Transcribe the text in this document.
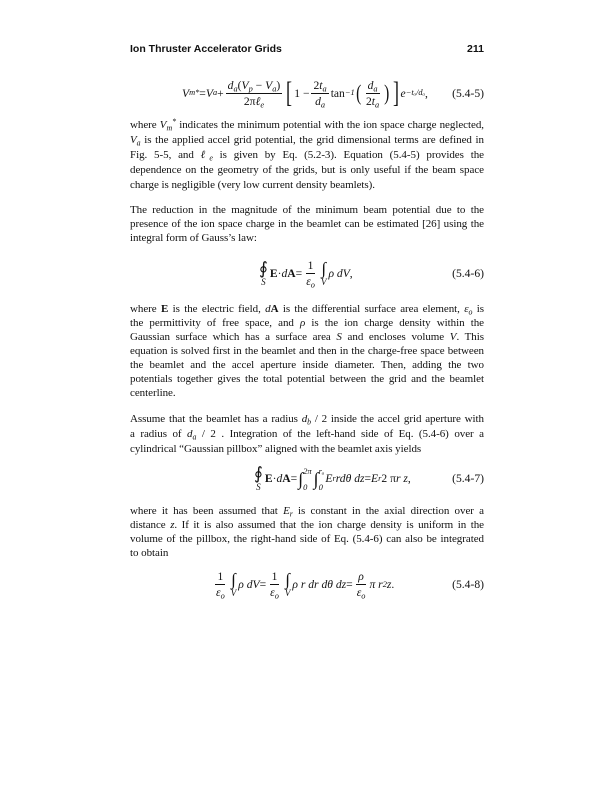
Ion Thruster Accelerator Grids	211
V m * = V $a + \frac{d_a(V_p - V_a)}{2\pi\ell_e}$ [ $1 - \frac{2t_a}{d_a}$ tan −1 ( $\frac{d_a}{2t_a}$ ) ] e −tₐ/dₐ , (5.4-5)
where $V_m^*$ indicates the minimum potential with the ion space charge neglected,
$V_a$ is the applied accel grid potential, the grid dimensional terms are defined in
Fig. 5-5, and ℓ$_e$ is given by Eq. (5.2-3). Equation (5.4-5) provides the
dependence on the geometry of the grids, but is only useful if the beam space
charge is negligible (very low current density beamlets).
The reduction in the magnitude of the minimum beam potential due to the
presence of the ion space charge in the beamlet can be estimated [26] using the
integral form of Gauss’s law:
∮
S
E · d $A = \frac{1}{\varepsilon_o}$ ∫
V
ρ dV ,	(5.4-6)
where E is the electric field, dA is the differential surface area element, $\varepsilon_o$ is
the permittivity of free space, and ρ is the ion charge density within the
Gaussian surface which has a surface area S and encloses volume V. This
equation is solved first in the beamlet and then in the charge-free space between
the beamlet and the accel aperture inside diameter. Then, adding the two
potentials together gives the total potential between the grid and the beamlet
centerline.
Assume that the beamlet has a radius $d_b / 2$ inside the accel grid aperture with
a radius of $d_a / 2$ . Integration of the left-hand side of Eq. (5.4-6) over a
cylindrical “Gaussian pillbox” aligned with the beamlet axis yields
∮
S
E · d A = ∫ 2π
0 ∫ rₐ
0
E r rdθ dz = E r 2 π r z ,	(5.4-7)
where it has been assumed that $E_r$ is constant in the axial direction over a
distance z. If it is also assumed that the ion charge density is uniform in the
volume of the pillbox, the right-hand side of Eq. (5.4-6) can also be integrated
to obtain
$\frac{1}{\varepsilon_o}$ ∫
V
ρ dV = $\frac{1}{\varepsilon_o}$ ∫
V
ρ r dr dθ dz = $\frac{\rho}{\varepsilon_o}$ π r 2 z .	(5.4-8)
